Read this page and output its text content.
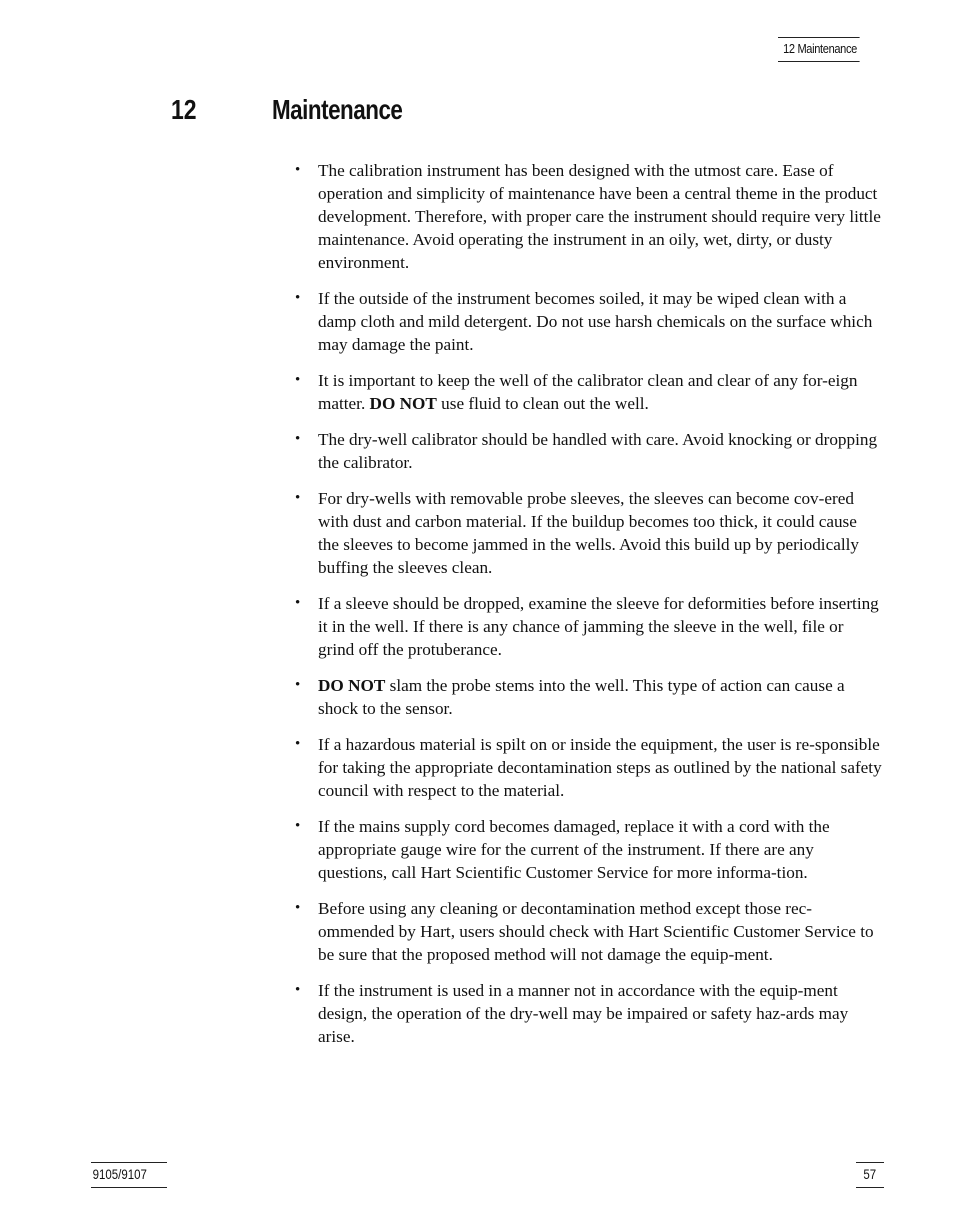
12 Maintenance
12	Maintenance
• The calibration instrument has been designed with the utmost care. Ease of operation and simplicity of maintenance have been a central theme in the product development. Therefore, with proper care the instrument should require very little maintenance. Avoid operating the instrument in an oily, wet, dirty, or dusty environment.
• If the outside of the instrument becomes soiled, it may be wiped clean with a damp cloth and mild detergent. Do not use harsh chemicals on the surface which may damage the paint.
• It is important to keep the well of the calibrator clean and clear of any for-eign matter. DO NOT use fluid to clean out the well.
• The dry-well calibrator should be handled with care. Avoid knocking or dropping the calibrator.
• For dry-wells with removable probe sleeves, the sleeves can become cov-ered with dust and carbon material. If the buildup becomes too thick, it could cause the sleeves to become jammed in the wells. Avoid this build up by periodically buffing the sleeves clean.
• If a sleeve should be dropped, examine the sleeve for deformities before inserting it in the well. If there is any chance of jamming the sleeve in the well, file or grind off the protuberance.
• DO NOT slam the probe stems into the well. This type of action can cause a shock to the sensor.
• If a hazardous material is spilt on or inside the equipment, the user is re-sponsible for taking the appropriate decontamination steps as outlined by the national safety council with respect to the material.
• If the mains supply cord becomes damaged, replace it with a cord with the appropriate gauge wire for the current of the instrument. If there are any questions, call Hart Scientific Customer Service for more informa-tion.
• Before using any cleaning or decontamination method except those rec-ommended by Hart, users should check with Hart Scientific Customer Service to be sure that the proposed method will not damage the equip-ment.
• If the instrument is used in a manner not in accordance with the equip-ment design, the operation of the dry-well may be impaired or safety haz-ards may arise.
9105/9107	57
